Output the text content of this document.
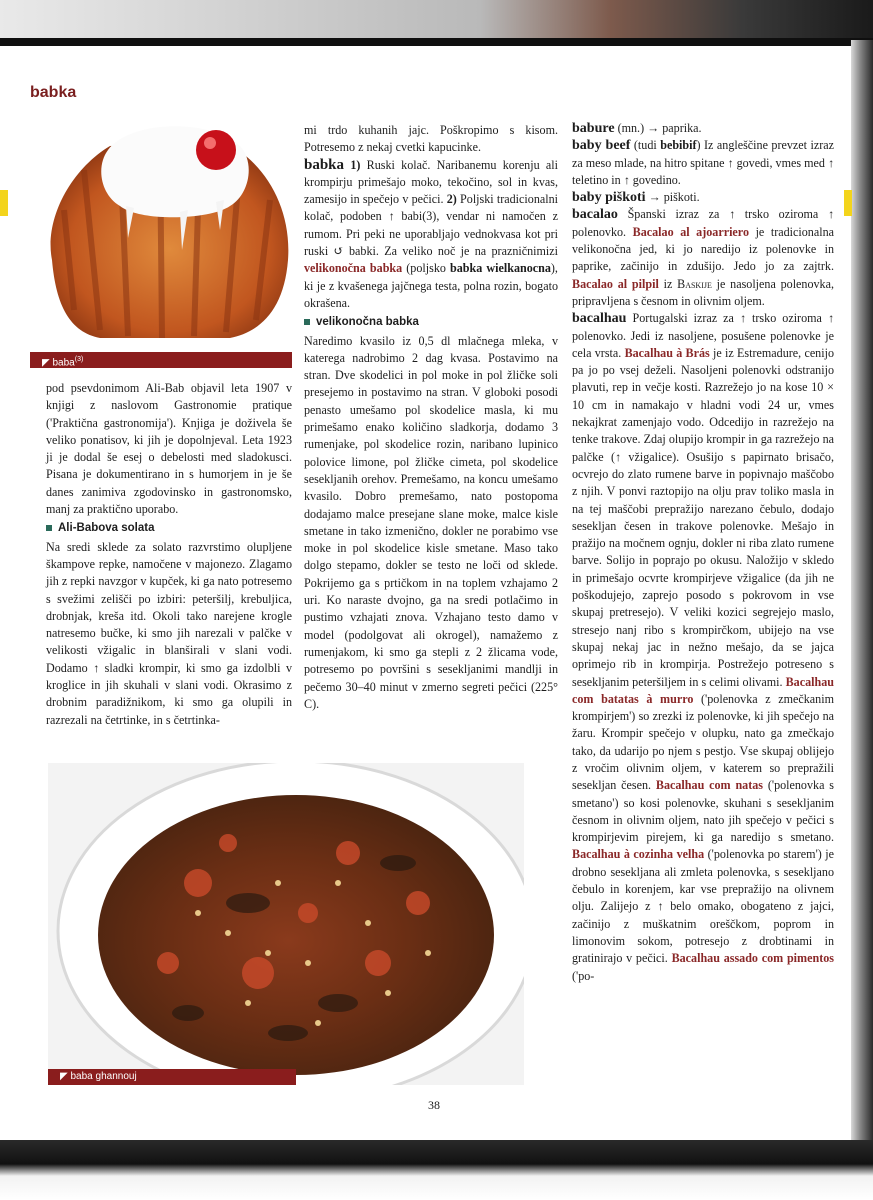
babka
◤ baba$^{(3)}$

pod psevdonimom Ali-Bab objavil leta 1907 v knjigi z naslovom Gastronomie pratique ('Praktična gastronomija'). Knjiga je doživela še veliko ponatisov, ki jih je dopolnjeval. Leta 1923 ji je dodal še esej o debelosti med sladokusci. Pisana je dokumentirano in s humorjem in je še danes zanimiva zgodovinsko in gastronomsko, manj za praktično uporabo.

Ali-Babova solata

Na sredi sklede za solato razvrstimo olupljene škampove repke, namočene v majonezo. Zlagamo jih z repki navzgor v kupček, ki ga nato potresemo s svežimi zelišči po izbiri: peteršilj, krebuljica, drobnjak, kreša itd. Okoli tako narejene krogle natresemo bučke, ki smo jih narezali v palčke v velikosti vžigalic in blanširali v slani vodi. Dodamo ↑ sladki krompir, ki smo ga izdolbli v kroglice in jih skuhali v slani vodi. Okrasimo z drobnim paradižnikom, ki smo ga olupili in razrezali na četrtinke, in s četrtinka-

mi trdo kuhanih jajc. Poškropimo s kisom. Potresemo z nekaj cvetki kapucinke.

babka 1) Ruski kolač. Naribanemu korenju ali krompirju primešajo moko, tekočino, sol in kvas, zamesijo in spečejo v pečici. 2) Poljski tradicionalni kolač, podoben ↑ babi(3), vendar ni namočen z rumom. Pri peki ne uporabljajo vednokvasa kot pri ruski ↺ babki. Za veliko noč je na prazničnimizi velikonočna babka (poljsko babka wielkanocna), ki je z kvašenega jajčnega testa, polna rozin, bogato okrašena.

velikonočna babka

Naredimo kvasilo iz 0,5 dl mlačnega mleka, v katerega nadrobimo 2 dag kvasa. Postavimo na stran. Dve skodelici in pol moke in pol žličke soli presejemo in postavimo na stran. V globoki posodi penasto umešamo pol skodelice masla, ki mu primešamo enako količino sladkorja, dodamo 3 rumenjake, pol skodelice rozin, naribano lupinico polovice limone, pol žličke cimeta, pol skodelice sesekljanih orehov. Premešamo, na koncu umešamo kvasilo. Dobro premešamo, nato postopoma dodajamo malce presejane slane moke, malce kisle smetane in tako izmenično, dokler ne porabimo vse moke in pol skodelice kisle smetane. Maso tako dolgo stepamo, dokler se testo ne loči od sklede. Pokrijemo ga s prtičkom in na toplem vzhajamo 2 uri. Ko naraste dvojno, ga na sredi potlačimo in pustimo vzhajati znova. Vzhajano testo damo v model (podolgovat ali okrogel), namažemo z rumenjakom, ki smo ga stepli z 2 žlicama vode, potresemo po površini s sesekljanimi mandlji in pečemo 30–40 minut v zmerno segreti pečici (225° C).

babure (mn.) → paprika.

baby beef (tudi bebibif) Iz angleščine prevzet izraz za meso mlade, na hitro spitane ↑ govedi, vmes med ↑ teletino in ↑ govedino.

baby piškoti → piškoti.

bacalao Španski izraz za ↑ trsko oziroma ↑ polenovko. Bacalao al ajoarriero je tradicionalna velikonočna jed, ki jo naredijo iz polenovke in paprike, začinijo in zdušijo. Jedo jo za zajtrk. Bacalao al pilpil iz Baskije je nasoljena polenovka, pripravljena s česnom in olivnim oljem.

bacalhau Portugalski izraz za ↑ trsko oziroma ↑ polenovko. Jedi iz nasoljene, posušene polenovke je cela vrsta. Bacalhau à Brás je iz Estremadure, cenijo pa jo po vsej deželi. Nasoljeni polenovki odstranijo plavuti, rep in večje kosti. Razrežejo jo na kose 10 × 10 cm in namakajo v hladni vodi 24 ur, vmes nekajkrat zamenjajo vodo. Odcedijo in razrežejo na tenke trakove. Zdaj olupijo krompir in ga razrežejo na palčke (↑ vžigalice). Osušijo s papirnato brisačo, ocvrejo do zlato rumene barve in popivnajo maščobo z njih. V ponvi raztopijo na olju prav toliko masla in na tej maščobi prepražijo narezano čebulo, dodajo sesekljan česen in trakove polenovke. Mešajo in pražijo na močnem ognju, dokler ni riba zlato rumene barve. Solijo in poprajo po okusu. Naložijo v skledo in primešajo ocvrte krompirjeve vžigalice (da jih ne poškodujejo, zaprejo posodo s pokrovom in vse skupaj pretresejo). V veliki kozici segrejejo maslo, stresejo nanj ribo s krompirčkom, ubijejo na vse skupaj nekaj jac in nežno mešajo, da se jajca oprimejo rib in krompirja. Postrežejo potreseno s sesekljanim peteršiljem in s celimi olivami. Bacalhau com batatas à murro ('polenovka z zmečkanim krompirjem') so zrezki iz polenovke, ki jih spečejo na žaru. Krompir spečejo v olupku, nato ga zmečkajo tako, da udarijo po njem s pestjo. Vse skupaj oblijejo z vročim olivnim oljem, v katerem so prepražili sesekljan česen. Bacalhau com natas ('polenovka s smetano') so kosi polenovke, skuhani s sesekljanim česnom in olivnim oljem, nato jih spečejo v pečici s krompirjevim pirejem, ki ga naredijo s smetano. Bacalhau à cozinha velha ('polenovka po starem') je drobno sesekljana ali zmleta polenovka, s sesekljano čebulo in korenjem, kar vse prepražijo na olivnem olju. Zalijejo z ↑ belo omako, obogateno z jajci, začinijo z muškatnim oreščkom, poprom in limonovim sokom, potresejo z drobtinami in gratinirajo v pečici. Bacalhau assado com pimentos ('po-

◤ baba ghannouj
38
